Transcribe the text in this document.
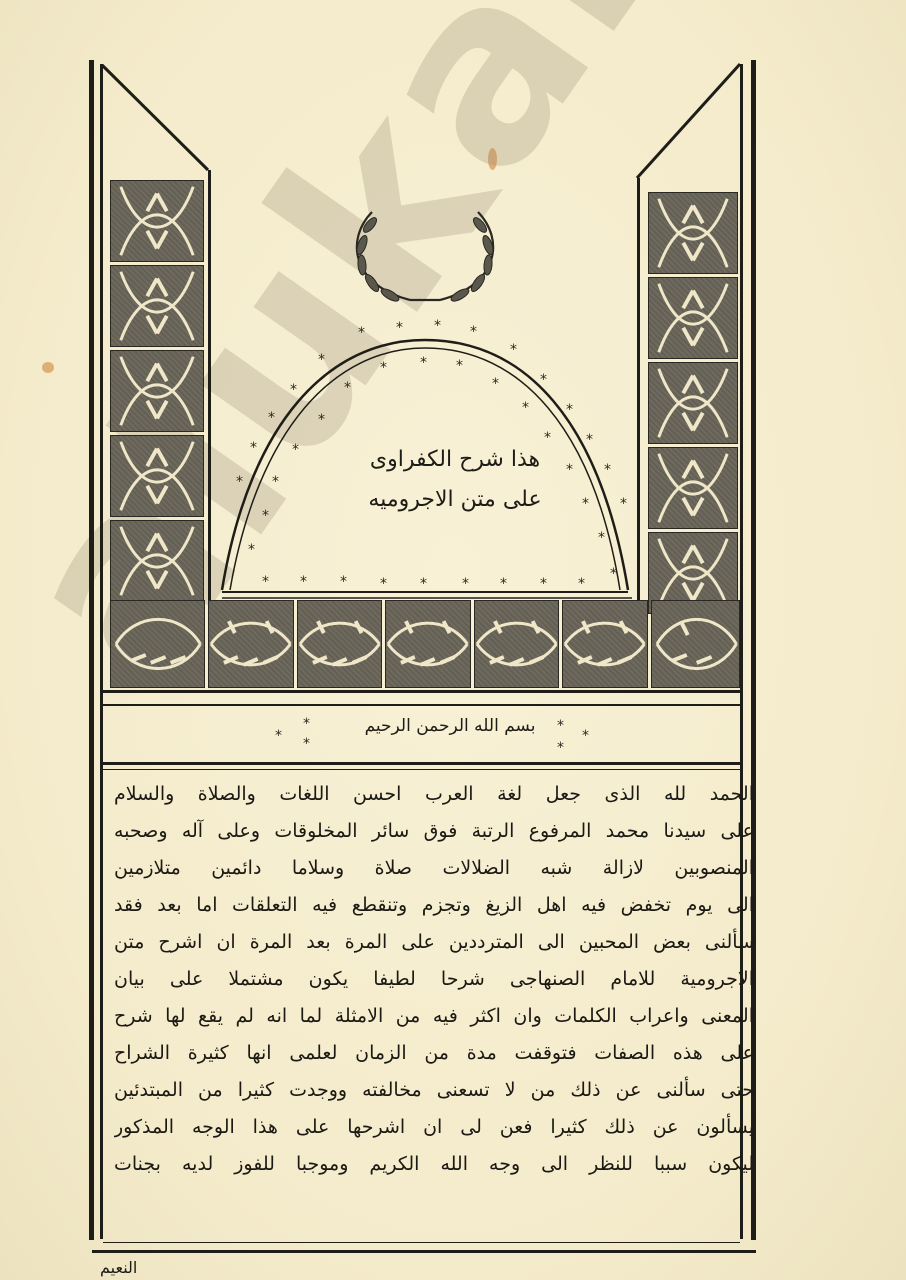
* * * *
*
*	* * *
*	*
*	*
*	*
*	*
*	*
*	*
* *
* *
* *
*
*
*
*
* * * * *	* * * *
هذا شرح الكفراوى
على متن الاجروميه
*
*
*
*
*
*
بسم الله الرحمن الرحيم
الحمد لله الذى جعل لغة العرب احسن اللغات والصلاة والسلام
على سيدنا محمد المرفوع الرتبة فوق سائر المخلوقات وعلى آله وصحبه
المنصوبين لازالة شبه الضلالات صلاة وسلاما دائمين متلازمين
الى يوم تخفض فيه اهل الزيغ وتجزم وتنقطع فيه التعلقات اما بعد فقد
سألنى بعض المحبين الى المترددين على المرة بعد المرة ان اشرح متن
الاجرومية للامام الصنهاجى شرحا لطيفا يكون مشتملا على بيان
المعنى واعراب الكلمات وان اكثر فيه من الامثلة لما انه لم يقع لها شرح
على هذه الصفات فتوقفت مدة من الزمان لعلمى انها كثيرة الشراح
حتى سألنى عن ذلك من لا تسعنى مخالفته ووجدت كثيرا من المبتدئين
يسألون عن ذلك كثيرا فعن لى ان اشرحها على هذا الوجه المذكور
ليكون سببا للنظر الى وجه الله الكريم وموجبا للفوز لديه بجنات
النعيم
